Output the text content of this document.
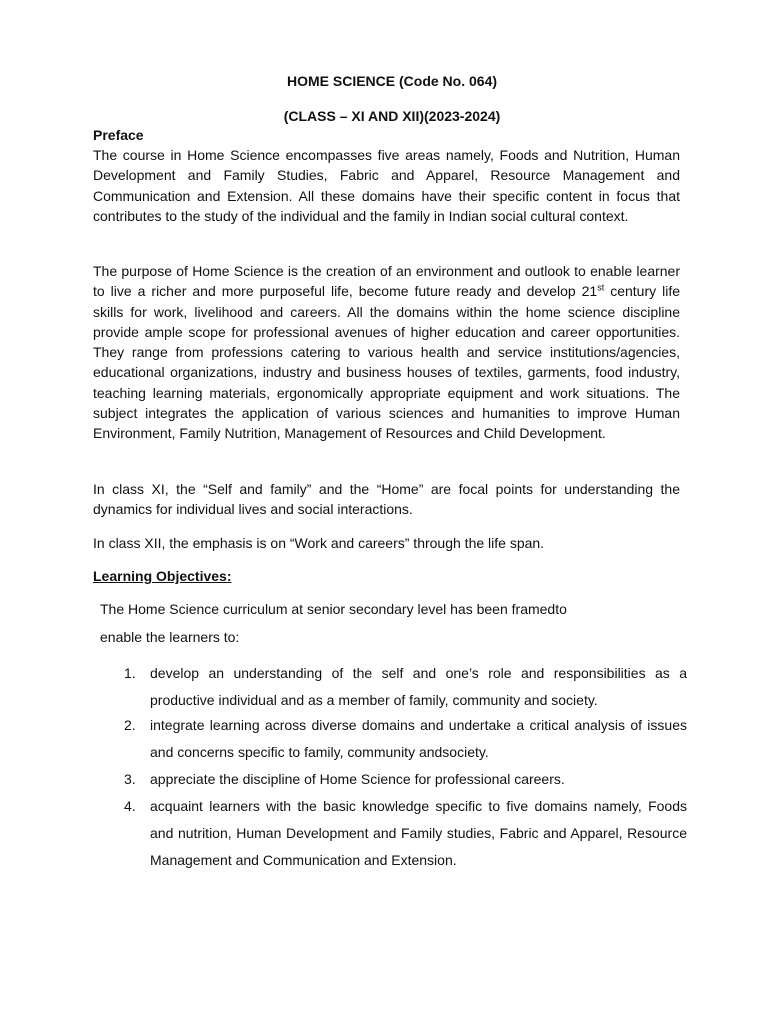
HOME SCIENCE (Code No. 064)
(CLASS – XI AND XII)(2023-2024)
Preface

The course in Home Science encompasses five areas namely, Foods and Nutrition, Human Development and Family Studies, Fabric and Apparel, Resource Management and Communication and Extension. All these domains have their specific content in focus that contributes to the study of the individual and the family in Indian social cultural context.

The purpose of Home Science is the creation of an environment and outlook to enable learner to live a richer and more purposeful life, become future ready and develop 21st century life skills for work, livelihood and careers. All the domains within the home science discipline provide ample scope for professional avenues of higher education and career opportunities. They range from professions catering to various health and service institutions/agencies, educational organizations, industry and business houses of textiles, garments, food industry, teaching learning materials, ergonomically appropriate equipment and work situations. The subject integrates the application of various sciences and humanities to improve Human Environment, Family Nutrition, Management of Resources and Child Development.

In class XI, the “Self and family” and the “Home” are focal points for understanding the dynamics for individual lives and social interactions.

In class XII, the emphasis is on “Work and careers” through the life span.

Learning Objectives:
The Home Science curriculum at senior secondary level has been framedto
enable the learners to:
1.	develop an understanding of the self and one’s role and responsibilities as a productive individual and as a member of family, community and society.
2.	integrate learning across diverse domains and undertake a critical analysis of issues and concerns specific to family, community andsociety.
3.	appreciate the discipline of Home Science for professional careers.
4.	acquaint learners with the basic knowledge specific to five domains namely, Foods and nutrition, Human Development and Family studies, Fabric and Apparel, Resource Management and Communication and Extension.
